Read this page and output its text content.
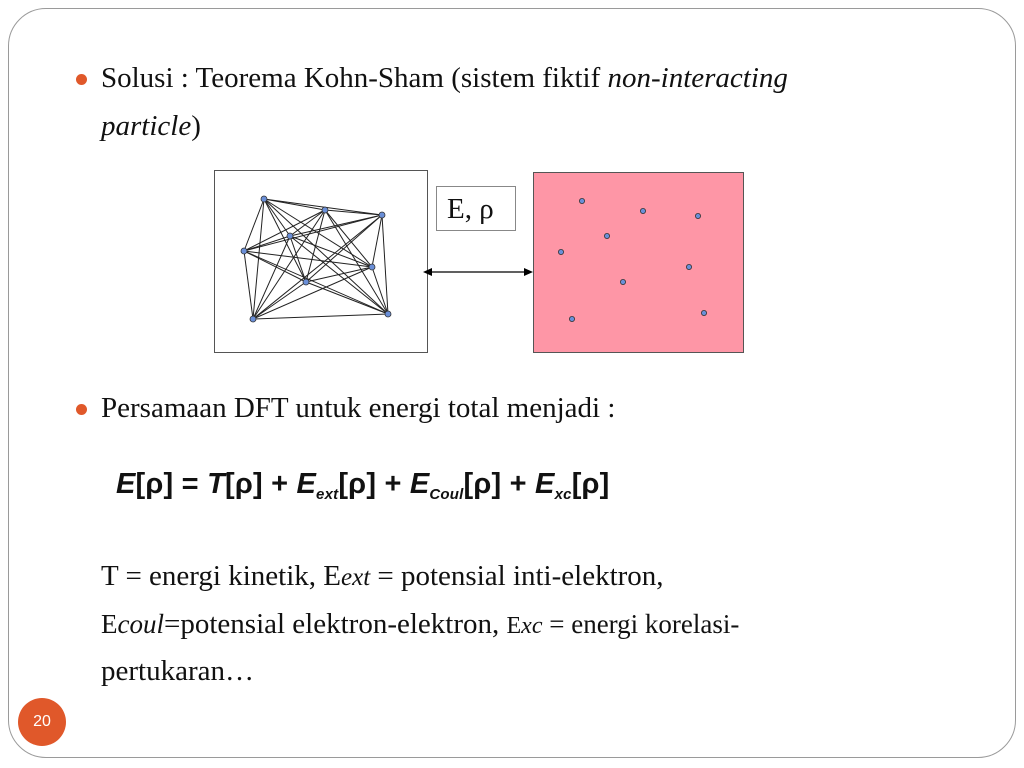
Solusi : Teorema Kohn-Sham (sistem fiktif non-interacting
particle)
E, ρ
Persamaan DFT untuk energi total menjadi :
$E[\rho] = T[\rho] + E_{ext}[\rho] + E_{Coul}[\rho] + E_{xc}[\rho]$
T = energi kinetik, Eext = potensial inti-elektron,
Ecoul=potensial elektron-elektron, Exc = energi korelasi-
pertukaran…
20
